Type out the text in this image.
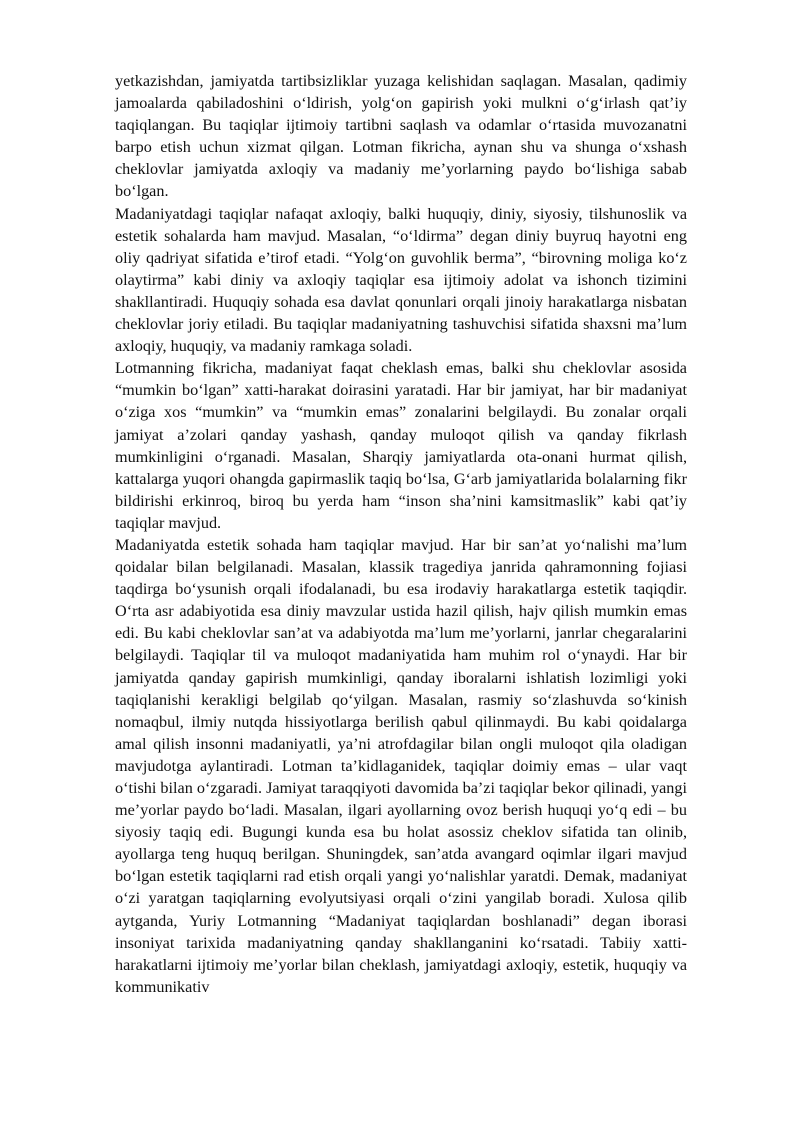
yetkazishdan, jamiyatda tartibsizliklar yuzaga kelishidan saqlagan. Masalan, qadimiy jamoalarda qabiladoshini o‘ldirish, yolg‘on gapirish yoki mulkni o‘g‘irlash qat’iy taqiqlangan. Bu taqiqlar ijtimoiy tartibni saqlash va odamlar o‘rtasida muvozanatni barpo etish uchun xizmat qilgan. Lotman fikricha, aynan shu va shunga o‘xshash cheklovlar jamiyatda axloqiy va madaniy me’yorlarning paydo bo‘lishiga sabab bo‘lgan.

Madaniyatdagi taqiqlar nafaqat axloqiy, balki huquqiy, diniy, siyosiy, tilshunoslik va estetik sohalarda ham mavjud. Masalan, “o‘ldirma” degan diniy buyruq hayotni eng oliy qadriyat sifatida e’tirof etadi. “Yolg‘on guvohlik berma”, “birovning moliga ko‘z olaytirma” kabi diniy va axloqiy taqiqlar esa ijtimoiy adolat va ishonch tizimini shakllantiradi. Huquqiy sohada esa davlat qonunlari orqali jinoiy harakatlarga nisbatan cheklovlar joriy etiladi. Bu taqiqlar madaniyatning tashuvchisi sifatida shaxsni ma’lum axloqiy, huquqiy, va madaniy ramkaga soladi.

Lotmanning fikricha, madaniyat faqat cheklash emas, balki shu cheklovlar asosida “mumkin bo‘lgan” xatti-harakat doirasini yaratadi. Har bir jamiyat, har bir madaniyat o‘ziga xos “mumkin” va “mumkin emas” zonalarini belgilaydi. Bu zonalar orqali jamiyat a’zolari qanday yashash, qanday muloqot qilish va qanday fikrlash mumkinligini o‘rganadi. Masalan, Sharqiy jamiyatlarda ota-onani hurmat qilish, kattalarga yuqori ohangda gapirmaslik taqiq bo‘lsa, G‘arb jamiyatlarida bolalarning fikr bildirishi erkinroq, biroq bu yerda ham “inson sha’nini kamsitmaslik” kabi qat’iy taqiqlar mavjud.

Madaniyatda estetik sohada ham taqiqlar mavjud. Har bir san’at yo‘nalishi ma’lum qoidalar bilan belgilanadi. Masalan, klassik tragediya janrida qahramonning fojiasi taqdirga bo‘ysunish orqali ifodalanadi, bu esa irodaviy harakatlarga estetik taqiqdir. O‘rta asr adabiyotida esa diniy mavzular ustida hazil qilish, hajv qilish mumkin emas edi. Bu kabi cheklovlar san’at va adabiyotda ma’lum me’yorlarni, janrlar chegaralarini belgilaydi. Taqiqlar til va muloqot madaniyatida ham muhim rol o‘ynaydi. Har bir jamiyatda qanday gapirish mumkinligi, qanday iboralarni ishlatish lozimligi yoki taqiqlanishi kerakligi belgilab qo‘yilgan. Masalan, rasmiy so‘zlashuvda so‘kinish nomaqbul, ilmiy nutqda hissiyotlarga berilish qabul qilinmaydi. Bu kabi qoidalarga amal qilish insonni madaniyatli, ya’ni atrofdagilar bilan ongli muloqot qila oladigan mavjudotga aylantiradi. Lotman ta’kidlaganidek, taqiqlar doimiy emas – ular vaqt o‘tishi bilan o‘zgaradi. Jamiyat taraqqiyoti davomida ba’zi taqiqlar bekor qilinadi, yangi me’yorlar paydo bo‘ladi. Masalan, ilgari ayollarning ovoz berish huquqi yo‘q edi – bu siyosiy taqiq edi. Bugungi kunda esa bu holat asossiz cheklov sifatida tan olinib, ayollarga teng huquq berilgan. Shuningdek, san’atda avangard oqimlar ilgari mavjud bo‘lgan estetik taqiqlarni rad etish orqali yangi yo‘nalishlar yaratdi. Demak, madaniyat o‘zi yaratgan taqiqlarning evolyutsiyasi orqali o‘zini yangilab boradi. Xulosa qilib aytganda, Yuriy Lotmanning “Madaniyat taqiqlardan boshlanadi” degan iborasi insoniyat tarixida madaniyatning qanday shakllanganini ko‘rsatadi. Tabiiy xatti-harakatlarni ijtimoiy me’yorlar bilan cheklash, jamiyatdagi axloqiy, estetik, huquqiy va kommunikativ
